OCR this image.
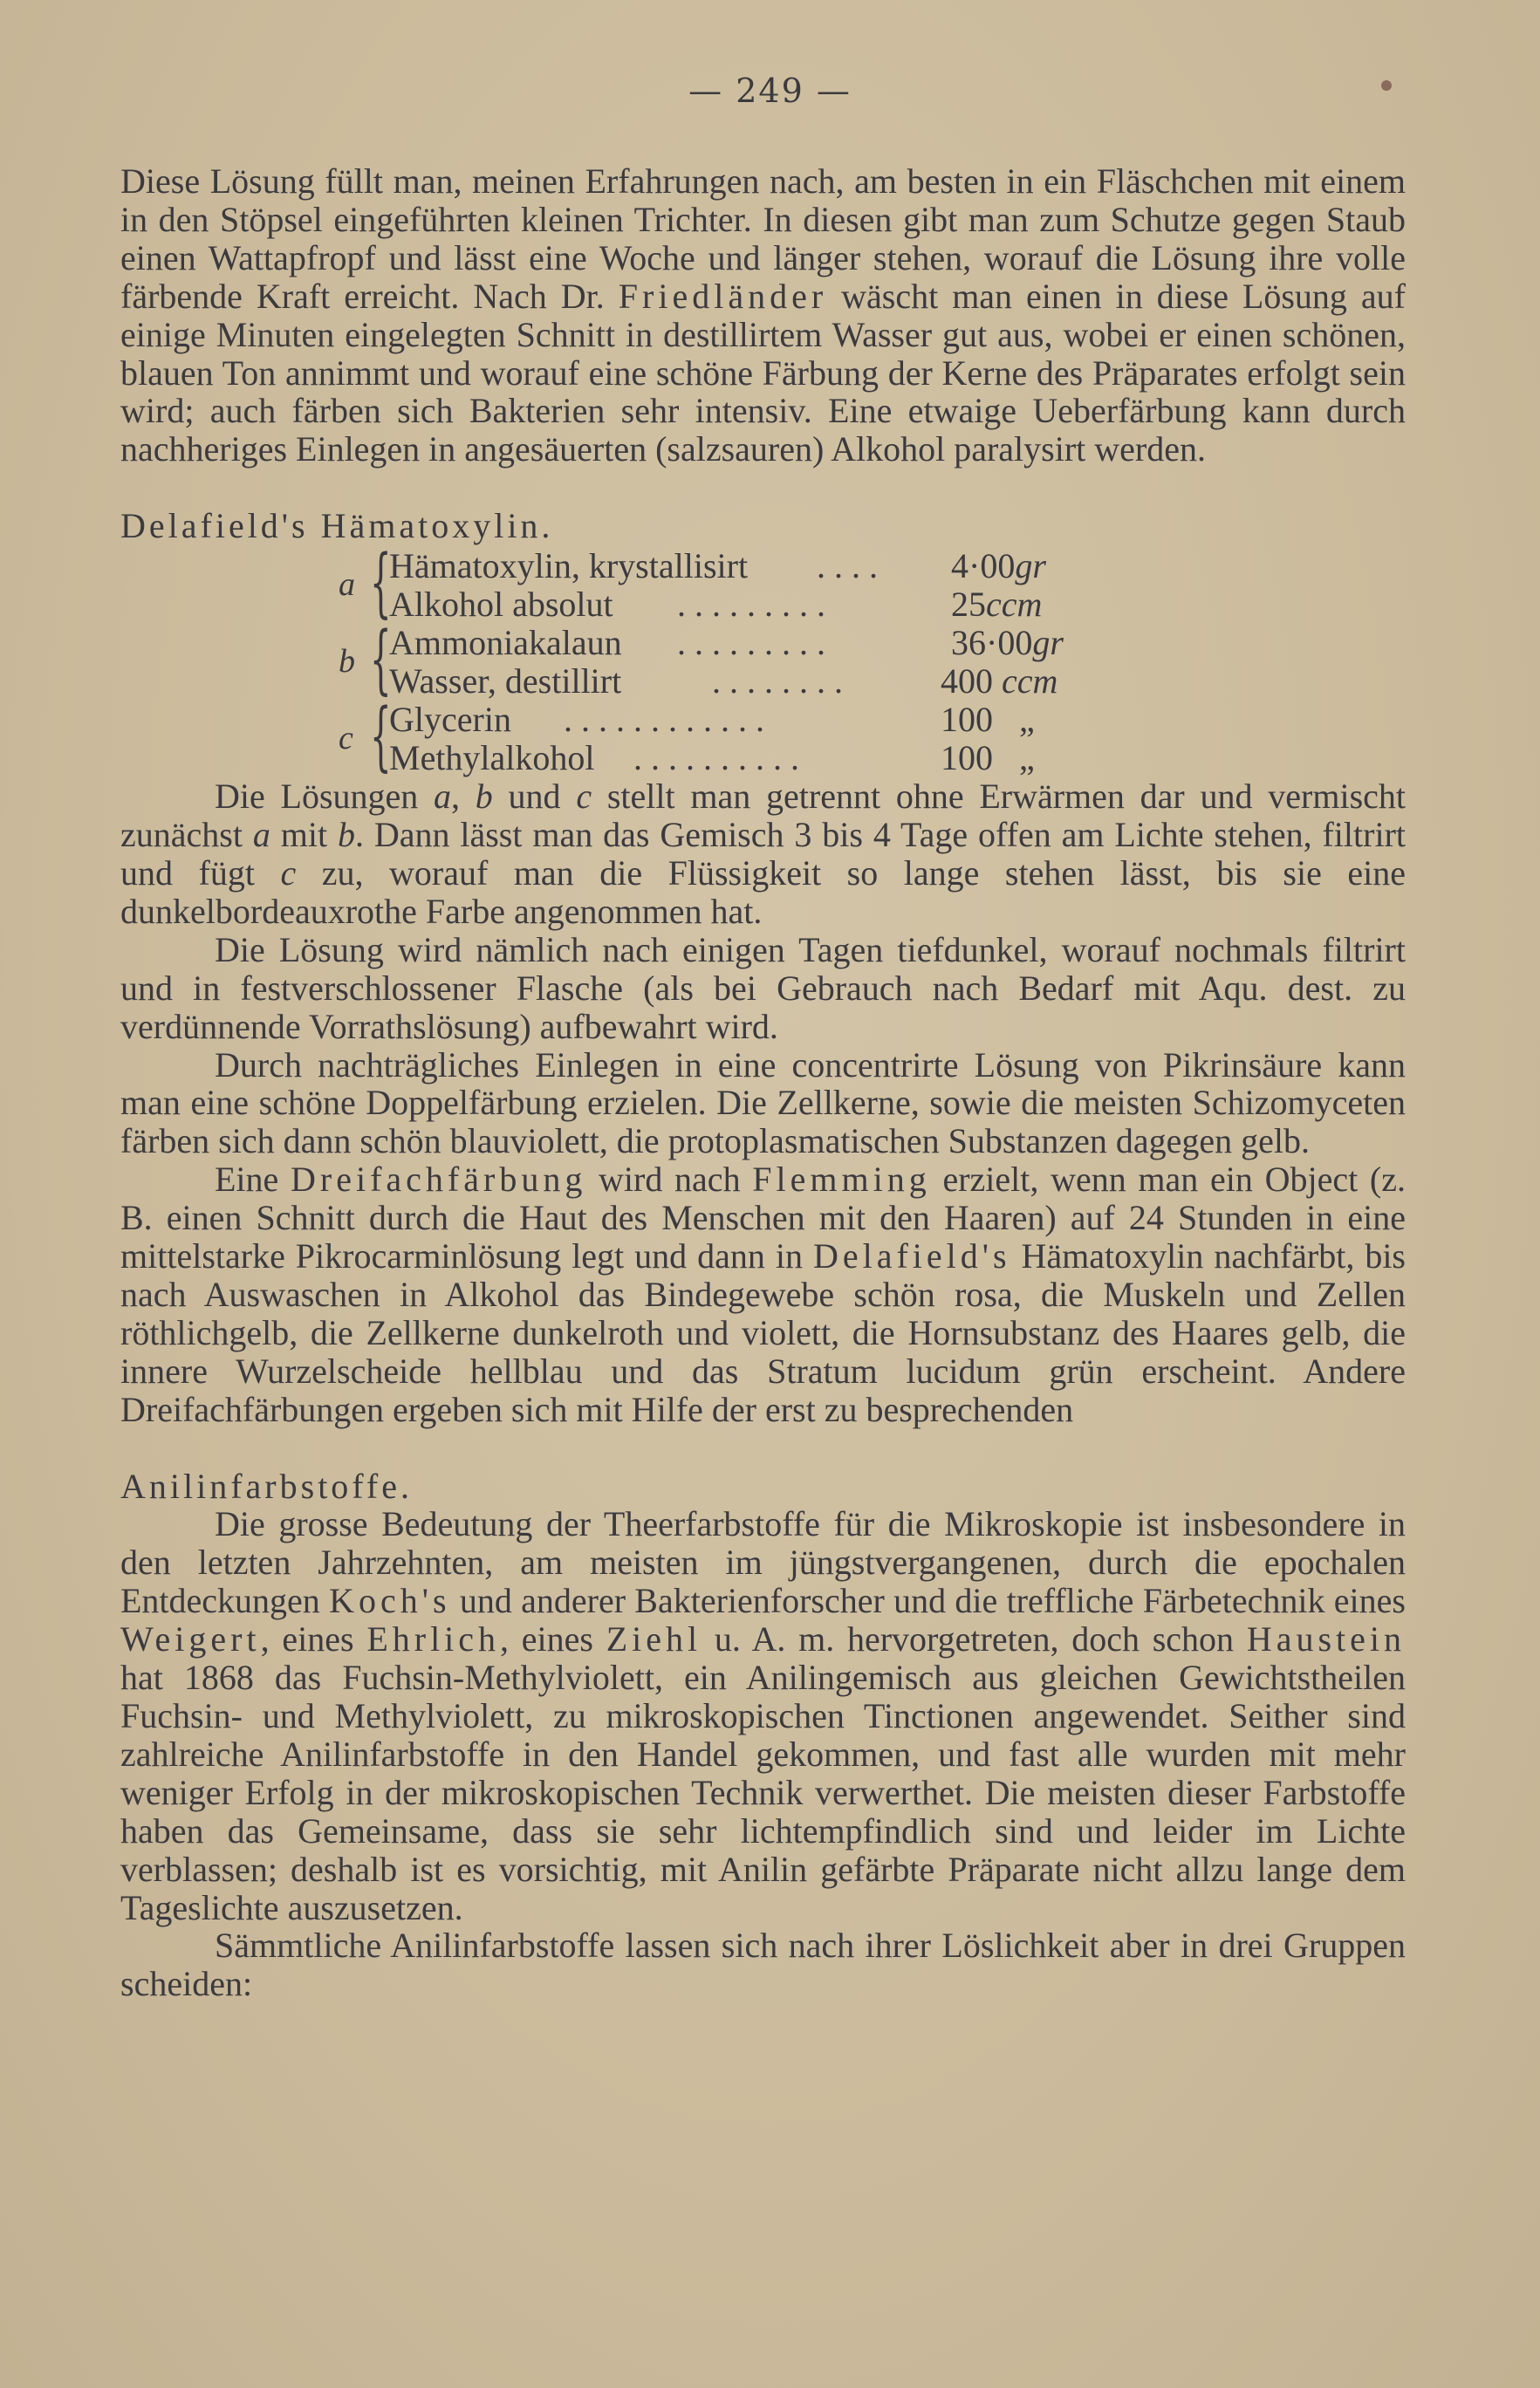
— 249 —

Diese Lösung füllt man, meinen Erfahrungen nach, am besten in ein Fläschchen mit einem in den Stöpsel eingeführten kleinen Trichter. In diesen gibt man zum Schutze gegen Staub einen Wattapfropf und lässt eine Woche und länger stehen, worauf die Lösung ihre volle färbende Kraft erreicht. Nach Dr. Friedländer wäscht man einen in diese Lösung auf einige Minuten eingelegten Schnitt in destillirtem Wasser gut aus, wobei er einen schönen, blauen Ton annimmt und worauf eine schöne Färbung der Kerne des Präparates erfolgt sein wird; auch färben sich Bakterien sehr intensiv. Eine etwaige Ueberfärbung kann durch nachheriges Einlegen in angesäuerten (salzsauren) Alkohol paralysirt werden.

Delafield's Hämatoxylin.

a {
Hämatoxylin, krystallisirt	. . . .	4·00gr
Alkohol absolut	. . . . . . . . .	25ccm
b {
Ammoniakalaun	. . . . . . . . .	36·00gr
Wasser, destillirt	. . . . . . . .	400 ccm
c {
Glycerin	. . . . . . . . . . . .	100 „
Methylalkohol	. . . . . . . . . .	100 „

Die Lösungen a, b und c stellt man getrennt ohne Erwärmen dar und vermischt zunächst a mit b. Dann lässt man das Gemisch 3 bis 4 Tage offen am Lichte stehen, filtrirt und fügt c zu, worauf man die Flüssigkeit so lange stehen lässt, bis sie eine dunkelbordeauxrothe Farbe angenommen hat.

Die Lösung wird nämlich nach einigen Tagen tiefdunkel, worauf nochmals filtrirt und in festverschlossener Flasche (als bei Gebrauch nach Bedarf mit Aqu. dest. zu verdünnende Vorrathslösung) aufbewahrt wird.

Durch nachträgliches Einlegen in eine concentrirte Lösung von Pikrinsäure kann man eine schöne Doppelfärbung erzielen. Die Zellkerne, sowie die meisten Schizomyceten färben sich dann schön blauviolett, die protoplasmatischen Substanzen dagegen gelb.

Eine Dreifachfärbung wird nach Flemming erzielt, wenn man ein Object (z. B. einen Schnitt durch die Haut des Menschen mit den Haaren) auf 24 Stunden in eine mittelstarke Pikrocarminlösung legt und dann in Delafield's Hämatoxylin nachfärbt, bis nach Auswaschen in Alkohol das Bindegewebe schön rosa, die Muskeln und Zellen röthlichgelb, die Zellkerne dunkelroth und violett, die Hornsubstanz des Haares gelb, die innere Wurzelscheide hellblau und das Stratum lucidum grün erscheint. Andere Dreifachfärbungen ergeben sich mit Hilfe der erst zu besprechenden

Anilinfarbstoffe.

Die grosse Bedeutung der Theerfarbstoffe für die Mikroskopie ist insbesondere in den letzten Jahrzehnten, am meisten im jüngstvergangenen, durch die epochalen Entdeckungen Koch's und anderer Bakterienforscher und die treffliche Färbetechnik eines Weigert, eines Ehrlich, eines Ziehl u. A. m. hervorgetreten, doch schon Haustein hat 1868 das Fuchsin-Methylviolett, ein Anilingemisch aus gleichen Gewichtstheilen Fuchsin- und Methylviolett, zu mikroskopischen Tinctionen angewendet. Seither sind zahlreiche Anilinfarbstoffe in den Handel gekommen, und fast alle wurden mit mehr weniger Erfolg in der mikroskopischen Technik verwerthet. Die meisten dieser Farbstoffe haben das Gemeinsame, dass sie sehr lichtempfindlich sind und leider im Lichte verblassen; deshalb ist es vorsichtig, mit Anilin gefärbte Präparate nicht allzu lange dem Tageslichte auszusetzen.

Sämmtliche Anilinfarbstoffe lassen sich nach ihrer Löslichkeit aber in drei Gruppen scheiden:
